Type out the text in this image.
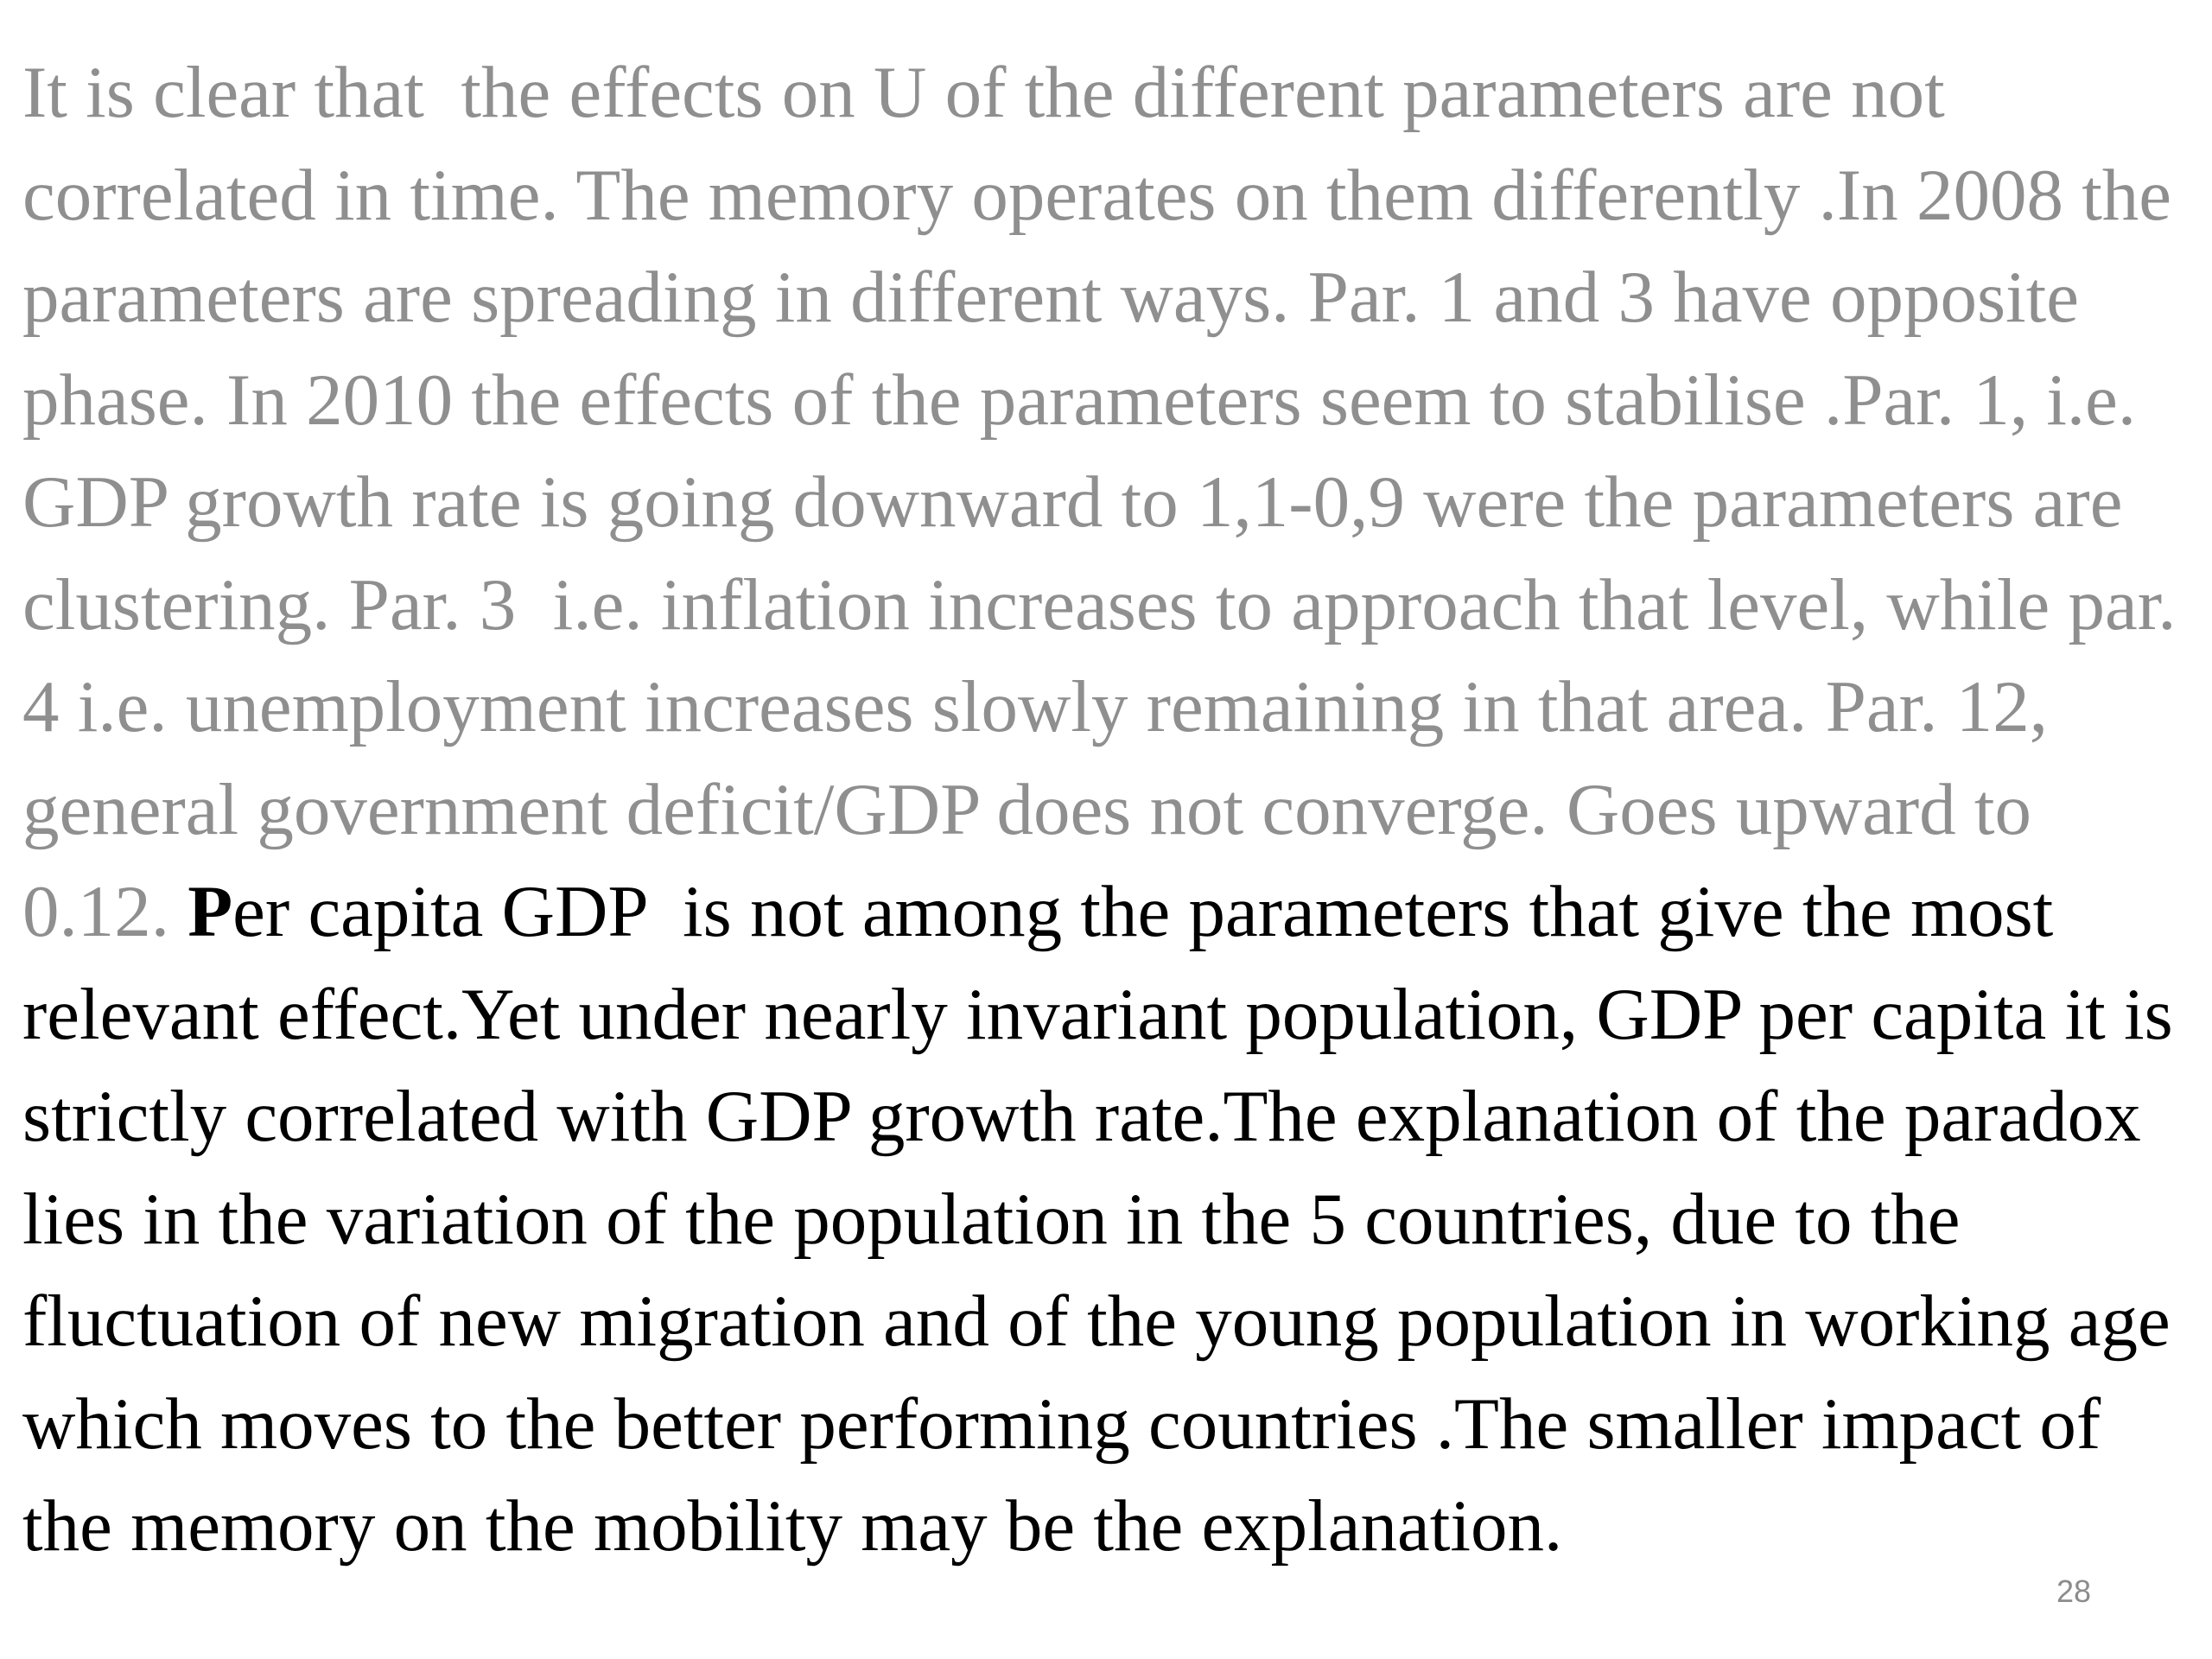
It is clear that  the effects on U of the different parameters are not
correlated in time. The memory operates on them differently .In 2008 the
parameters are spreading in different ways. Par. 1 and 3 have opposite
phase. In 2010 the effects of the parameters seem to stabilise .Par. 1, i.e.
GDP growth rate is going downward to 1,1-0,9 were the parameters are
clustering. Par. 3  i.e. inflation increases to approach that level, while par.
4 i.e. unemployment increases slowly remaining in that area. Par. 12,
general government deficit/GDP does not converge. Goes upward to
0.12. Per capita GDP  is not among the parameters that give the most
relevant effect.Yet under nearly invariant population, GDP per capita it is
strictly correlated with GDP growth rate.The explanation of the paradox
lies in the variation of the population in the 5 countries, due to the
fluctuation of new migration and of the young population in working age
which moves to the better performing countries .The smaller impact of
the memory on the mobility may be the explanation.
28
